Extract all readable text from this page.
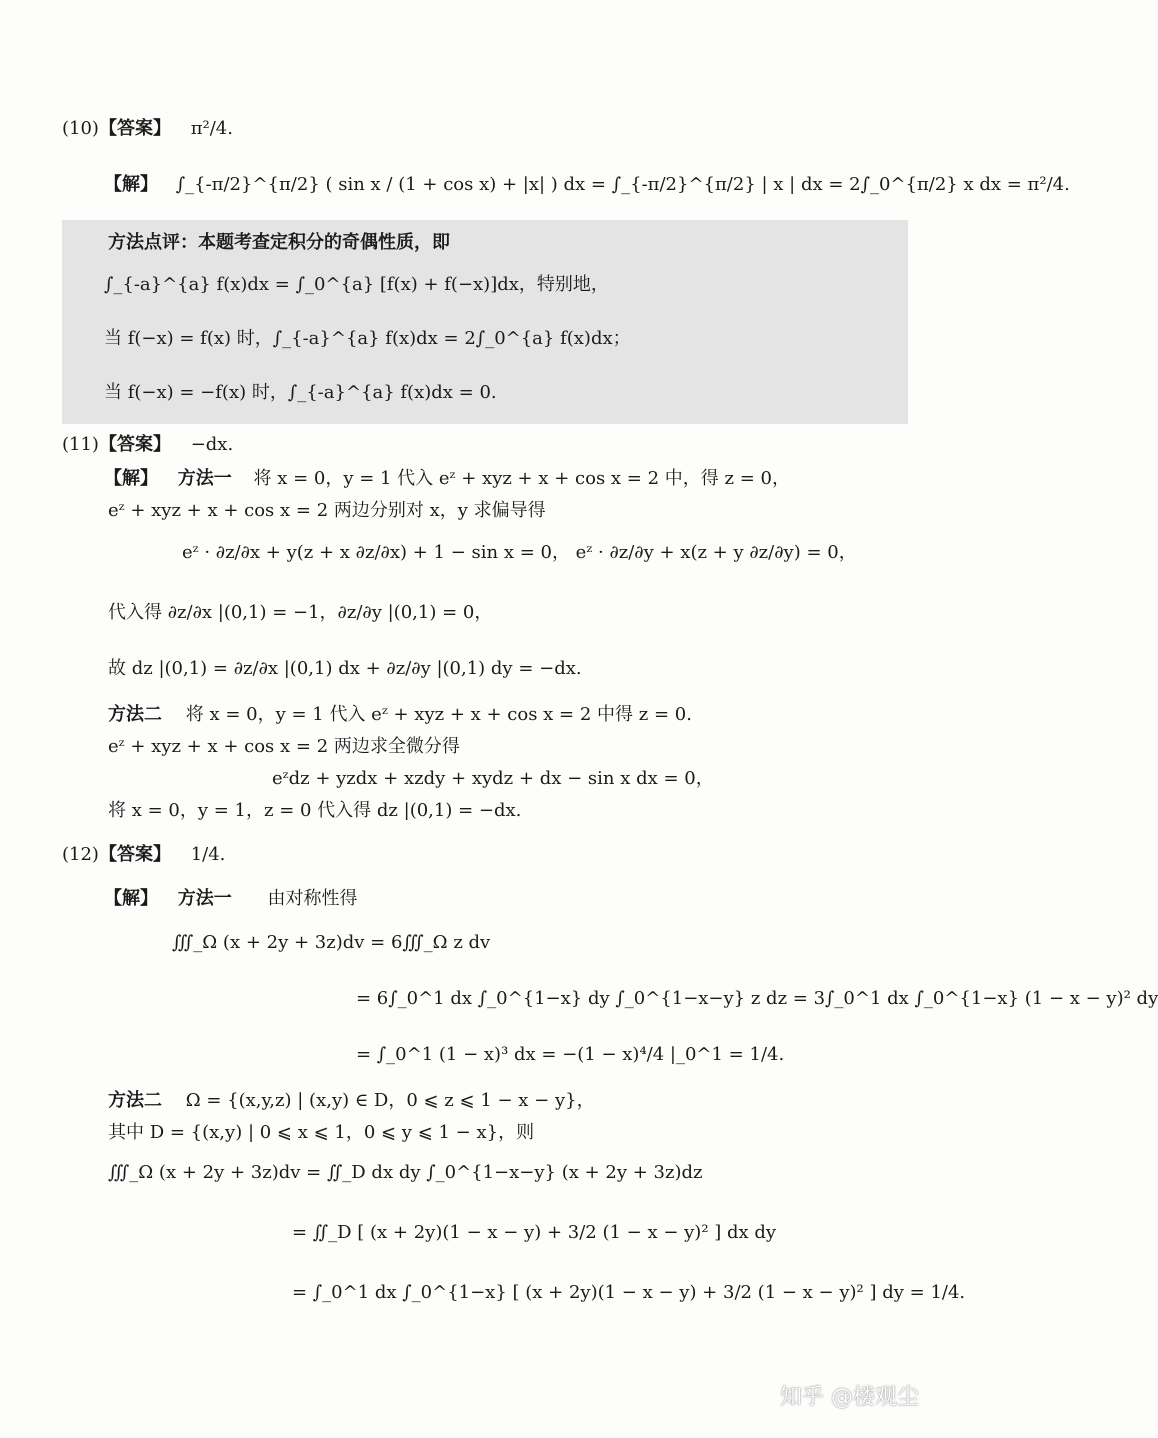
(10)【答案】 π²/4.
【解】 ∫_{-π/2}^{π/2} ( sin x / (1 + cos x) + |x| ) dx = ∫_{-π/2}^{π/2} | x | dx = 2∫_0^{π/2} x dx = π²/4.
方法点评：本题考查定积分的奇偶性质，即
∫_{-a}^{a} f(x)dx = ∫_0^{a} [f(x) + f(−x)]dx，特别地，
当 f(−x) = f(x) 时，∫_{-a}^{a} f(x)dx = 2∫_0^{a} f(x)dx；
当 f(−x) = −f(x) 时，∫_{-a}^{a} f(x)dx = 0.
(11)【答案】 −dx.
【解】 方法一 将 x = 0，y = 1 代入 eᶻ + xyz + x + cos x = 2 中，得 z = 0，
eᶻ + xyz + x + cos x = 2 两边分别对 x，y 求偏导得
eᶻ · ∂z/∂x + y(z + x ∂z/∂x) + 1 − sin x = 0， eᶻ · ∂z/∂y + x(z + y ∂z/∂y) = 0，
代入得 ∂z/∂x |(0,1) = −1，∂z/∂y |(0,1) = 0，
故 dz |(0,1) = ∂z/∂x |(0,1) dx + ∂z/∂y |(0,1) dy = −dx.
方法二 将 x = 0，y = 1 代入 eᶻ + xyz + x + cos x = 2 中得 z = 0.
eᶻ + xyz + x + cos x = 2 两边求全微分得
eᶻdz + yzdx + xzdy + xydz + dx − sin x dx = 0，
将 x = 0，y = 1，z = 0 代入得 dz |(0,1) = −dx.
(12)【答案】 1/4.
【解】 方法一 由对称性得
∭_Ω (x + 2y + 3z)dv = 6∭_Ω z dv
= 6∫_0^1 dx ∫_0^{1−x} dy ∫_0^{1−x−y} z dz = 3∫_0^1 dx ∫_0^{1−x} (1 − x − y)² dy
= ∫_0^1 (1 − x)³ dx = −(1 − x)⁴/4 |_0^1 = 1/4.
方法二 Ω = {(x,y,z) | (x,y) ∈ D，0 ⩽ z ⩽ 1 − x − y}，
其中 D = {(x,y) | 0 ⩽ x ⩽ 1，0 ⩽ y ⩽ 1 − x}，则
∭_Ω (x + 2y + 3z)dv = ∬_D dx dy ∫_0^{1−x−y} (x + 2y + 3z)dz
= ∬_D [ (x + 2y)(1 − x − y) + 3/2 (1 − x − y)² ] dx dy
= ∫_0^1 dx ∫_0^{1−x} [ (x + 2y)(1 − x − y) + 3/2 (1 − x − y)² ] dy = 1/4.
知乎 @楼观尘
